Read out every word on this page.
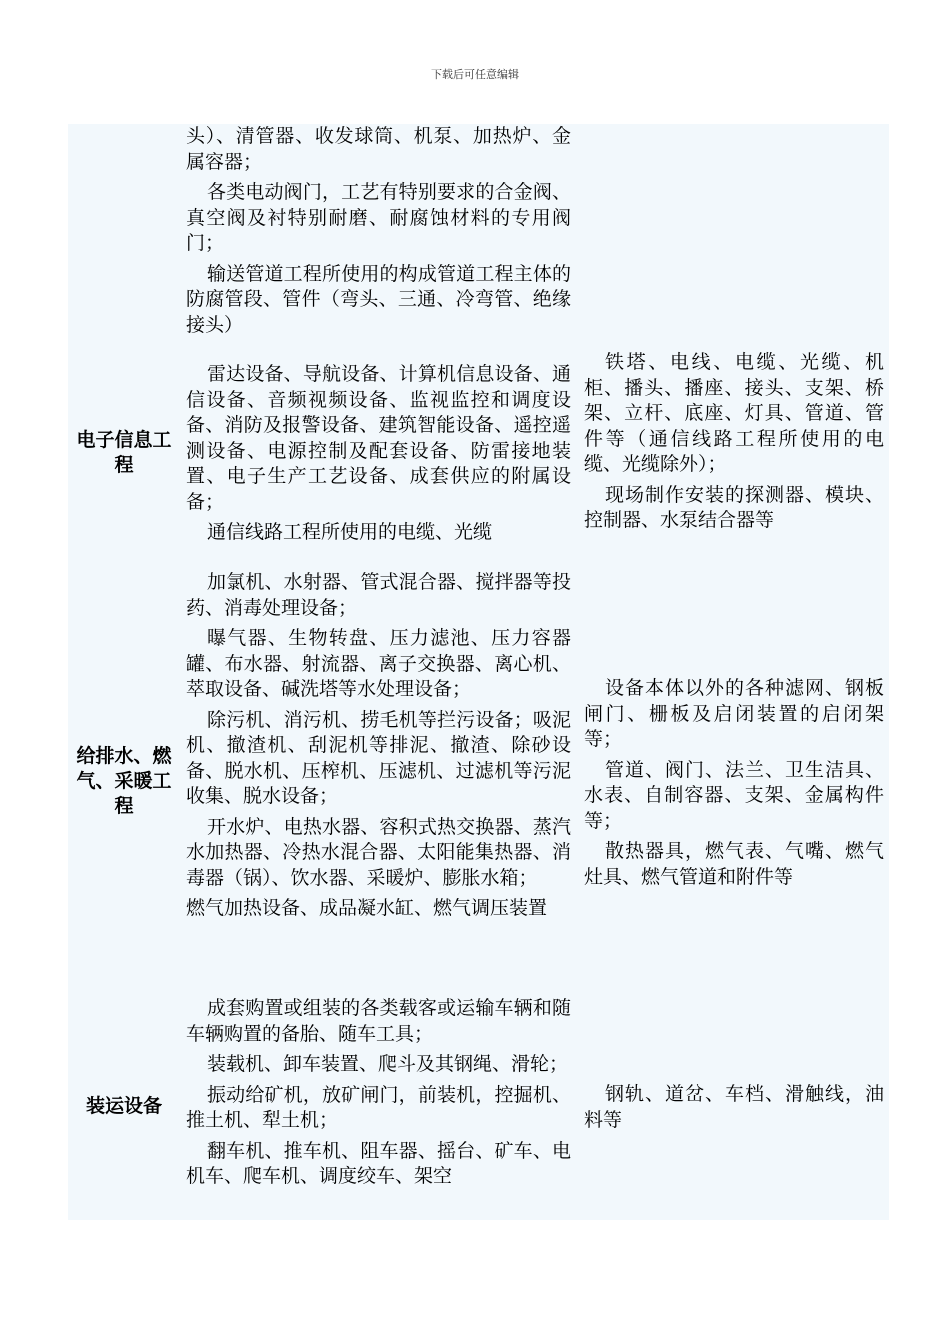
下载后可任意编辑

头）、清管器、收发球筒、机泵、加热炉、金属容器；

各类电动阀门，工艺有特别要求的合金阀、真空阀及衬特别耐磨、耐腐蚀材料的专用阀门；

输送管道工程所使用的构成管道工程主体的防腐管段、管件（弯头、三通、冷弯管、绝缘接头）

电子信息工程

雷达设备、导航设备、计算机信息设备、通信设备、音频视频设备、监视监控和调度设备、消防及报警设备、建筑智能设备、遥控遥测设备、电源控制及配套设备、防雷接地装置、电子生产工艺设备、成套供应的附属设备；

通信线路工程所使用的电缆、光缆

铁塔、电线、电缆、光缆、机柜、播头、播座、接头、支架、桥架、立杆、底座、灯具、管道、管件等（通信线路工程所使用的电缆、光缆除外）；

现场制作安装的探测器、模块、控制器、水泵结合器等

给排水、燃气、采暖工程

加氯机、水射器、管式混合器、搅拌器等投药、消毒处理设备；

曝气器、生物转盘、压力滤池、压力容器罐、布水器、射流器、离子交换器、离心机、萃取设备、碱洗塔等水处理设备；

除污机、消污机、捞毛机等拦污设备；吸泥机、撤渣机、刮泥机等排泥、撤渣、除砂设备、脱水机、压榨机、压滤机、过滤机等污泥收集、脱水设备；

开水炉、电热水器、容积式热交换器、蒸汽水加热器、冷热水混合器、太阳能集热器、消毒器（锅）、饮水器、采暖炉、膨胀水箱；

燃气加热设备、成品凝水缸、燃气调压装置

设备本体以外的各种滤网、钢板闸门、栅板及启闭装置的启闭架等；

管道、阀门、法兰、卫生洁具、水表、自制容器、支架、金属构件等；

散热器具，燃气表、气嘴、燃气灶具、燃气管道和附件等

装运设备

成套购置或组装的各类载客或运输车辆和随车辆购置的备胎、随车工具；

装载机、卸车装置、爬斗及其钢绳、滑轮；

振动给矿机，放矿闸门，前装机，控掘机、推土机、犁土机；

翻车机、推车机、阻车器、摇台、矿车、电机车、爬车机、调度绞车、架空

钢轨、道岔、车档、滑触线，油料等
